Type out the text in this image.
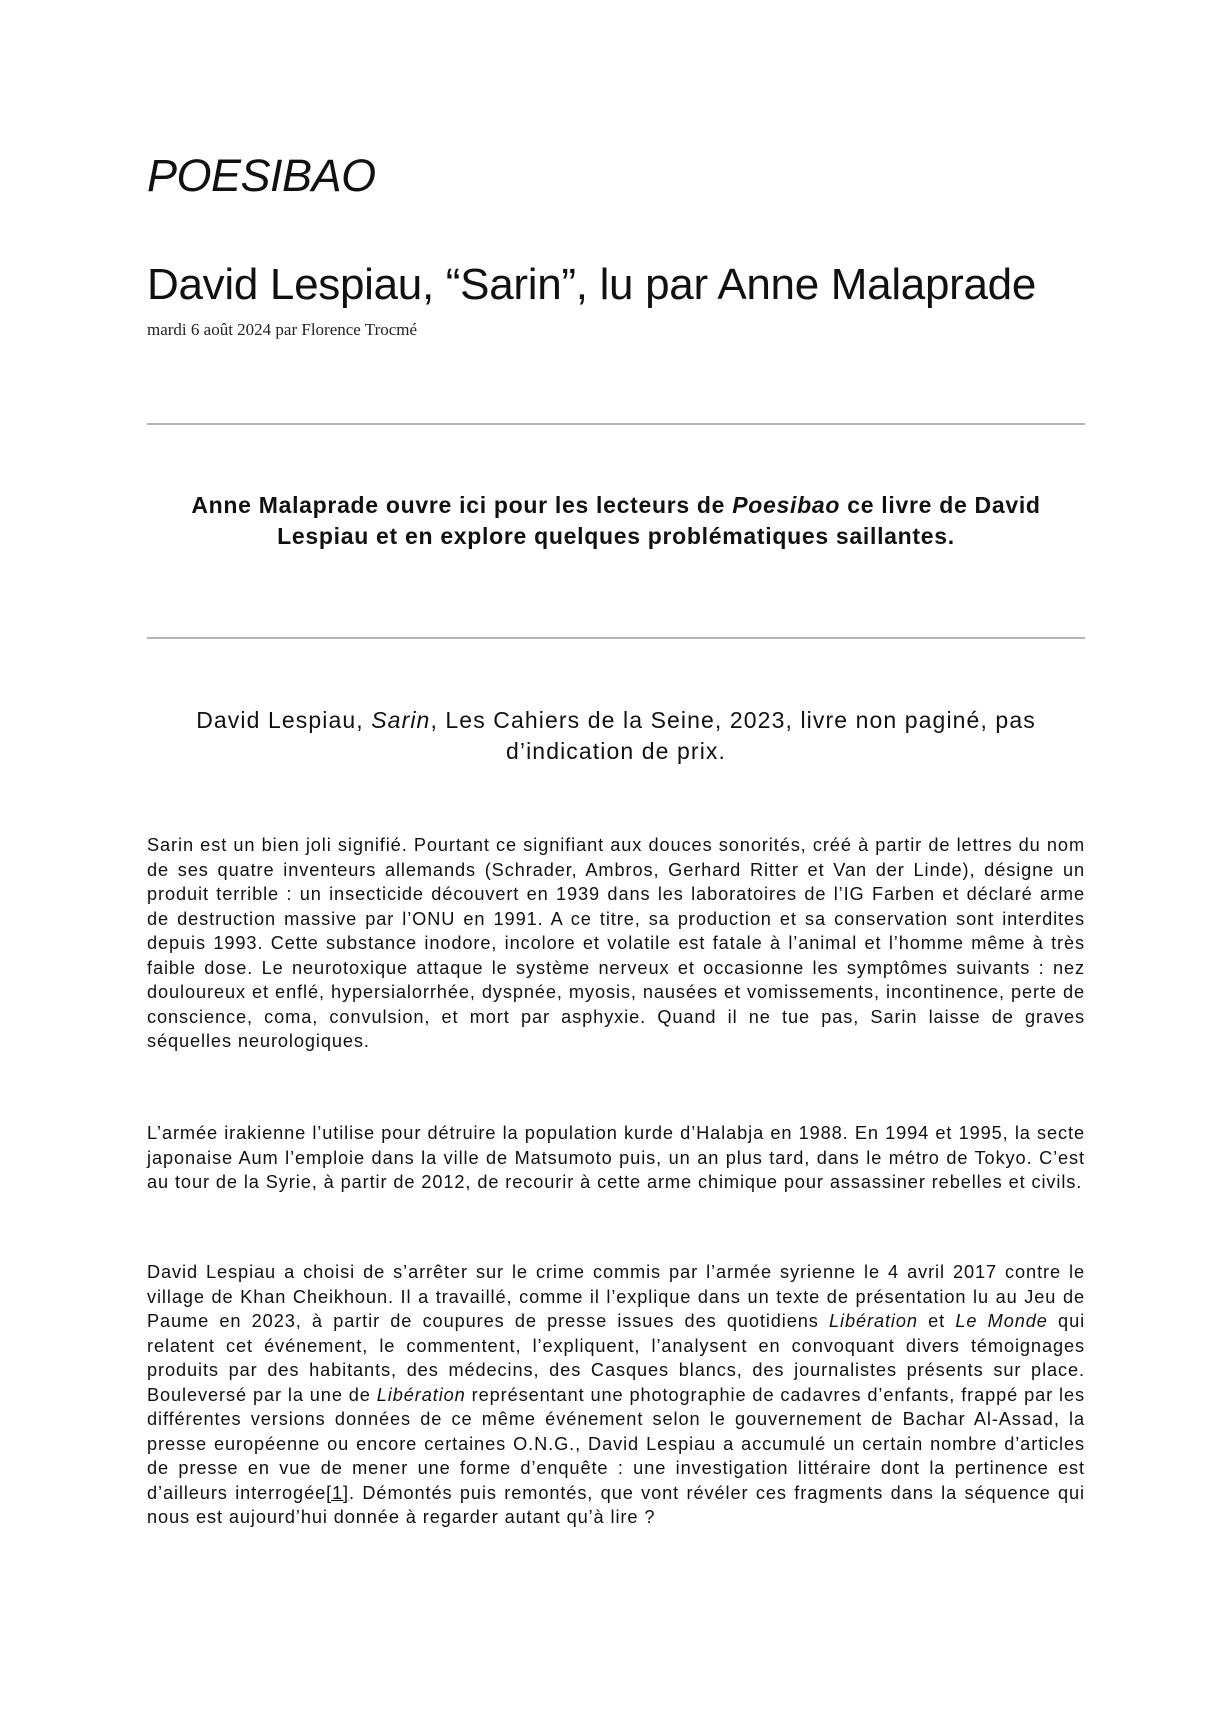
POESIBAO
David Lespiau, “Sarin”, lu par Anne Malaprade

mardi 6 août 2024 par Florence Trocmé

Anne Malaprade ouvre ici pour les lecteurs de Poesibao ce livre de David Lespiau et en explore quelques problématiques saillantes.

David Lespiau, Sarin, Les Cahiers de la Seine, 2023, livre non paginé, pas d’indication de prix.

Sarin est un bien joli signifié. Pourtant ce signifiant aux douces sonorités, créé à partir de lettres du nom de ses quatre inventeurs allemands (Schrader, Ambros, Gerhard Ritter et Van der Linde), désigne un produit terrible : un insecticide découvert en 1939 dans les laboratoires de l’IG Farben et déclaré arme de destruction massive par l’ONU en 1991. A ce titre, sa production et sa conservation sont interdites depuis 1993. Cette substance inodore, incolore et volatile est fatale à l’animal et l’homme même à très faible dose. Le neurotoxique attaque le système nerveux et occasionne les symptômes suivants : nez douloureux et enflé, hypersialorrhée, dyspnée, myosis, nausées et vomissements, incontinence, perte de conscience, coma, convulsion, et mort par asphyxie. Quand il ne tue pas, Sarin laisse de graves séquelles neurologiques.

L’armée irakienne l’utilise pour détruire la population kurde d’Halabja en 1988. En 1994 et 1995, la secte japonaise Aum l’emploie dans la ville de Matsumoto puis, un an plus tard, dans le métro de Tokyo. C’est au tour de la Syrie, à partir de 2012, de recourir à cette arme chimique pour assassiner rebelles et civils.

David Lespiau a choisi de s’arrêter sur le crime commis par l’armée syrienne le 4 avril 2017 contre le village de Khan Cheikhoun. Il a travaillé, comme il l’explique dans un texte de présentation lu au Jeu de Paume en 2023, à partir de coupures de presse issues des quotidiens Libération et Le Monde qui relatent cet événement, le commentent, l’expliquent, l’analysent en convoquant divers témoignages produits par des habitants, des médecins, des Casques blancs, des journalistes présents sur place. Bouleversé par la une de Libération représentant une photographie de cadavres d’enfants, frappé par les différentes versions données de ce même événement selon le gouvernement de Bachar Al-Assad, la presse européenne ou encore certaines O.N.G., David Lespiau a accumulé un certain nombre d’articles de presse en vue de mener une forme d’enquête : une investigation littéraire dont la pertinence est d’ailleurs interrogée[1]. Démontés puis remontés, que vont révéler ces fragments dans la séquence qui nous est aujourd’hui donnée à regarder autant qu’à lire ?
